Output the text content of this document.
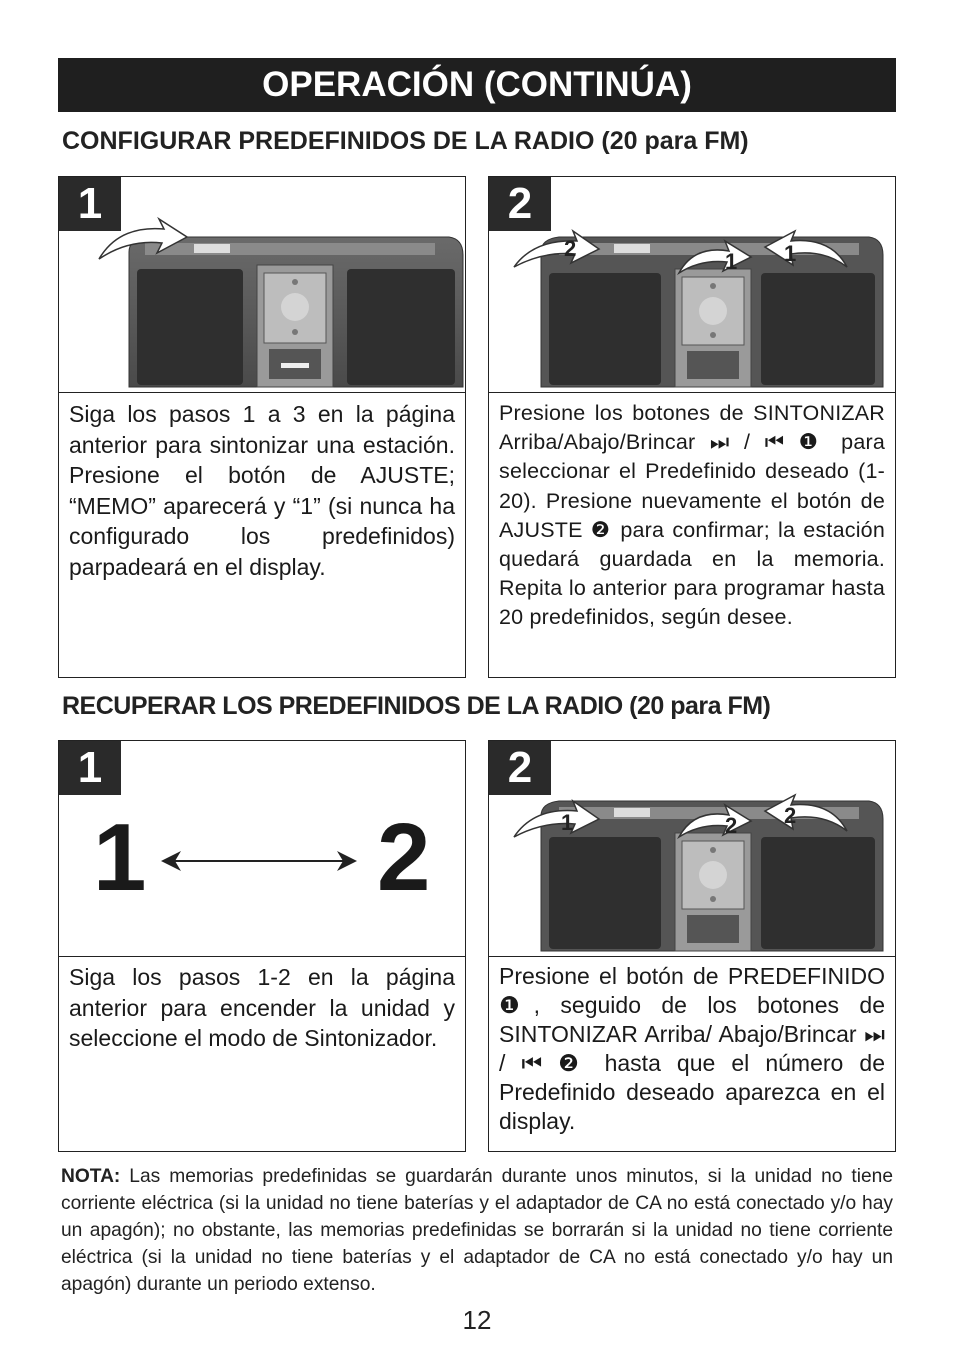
OPERACIÓN (CONTINÚA)
CONFIGURAR PREDEFINIDOS DE LA RADIO (20 para FM)
1
Siga los pasos 1 a 3 en la página anterior para sintonizar una estación. Presione el botón de AJUSTE; “MEMO” aparecerá y “1” (si nunca ha configurado los predefinidos) parpadeará en el display.
2
1 1
2
Presione los botones de SINTONIZAR Arriba/Abajo/Brincar ⏭ / ⏮ ❶ para seleccionar el Predefinido deseado (1-20). Presione nuevamente el botón de AJUSTE ❷ para confirmar; la estación quedará guardada en la memoria. Repita lo anterior para programar hasta 20 predefinidos, según desee.
RECUPERAR LOS PREDEFINIDOS DE LA RADIO (20 para FM)
1
1 2
Siga los pasos 1-2 en la página anterior para encender la unidad y seleccione el modo de Sintonizador.
1	2 2
2
Presione el botón de PREDEFINIDO ❶, seguido de los botones de SINTONIZAR Arriba/ Abajo/Brincar ⏭ / ⏮ ❷ hasta que el número de Predefinido deseado aparezca en el display.
NOTA: Las memorias predefinidas se guardarán durante unos minutos, si la unidad no tiene corriente eléctrica (si la unidad no tiene baterías y el adaptador de CA no está conectado y/o hay un apagón); no obstante, las memorias predefinidas se borrarán si la unidad no tiene corriente eléctrica (si la unidad no tiene baterías y el adaptador de CA no está conectado y/o hay un apagón) durante un periodo extenso.
12
